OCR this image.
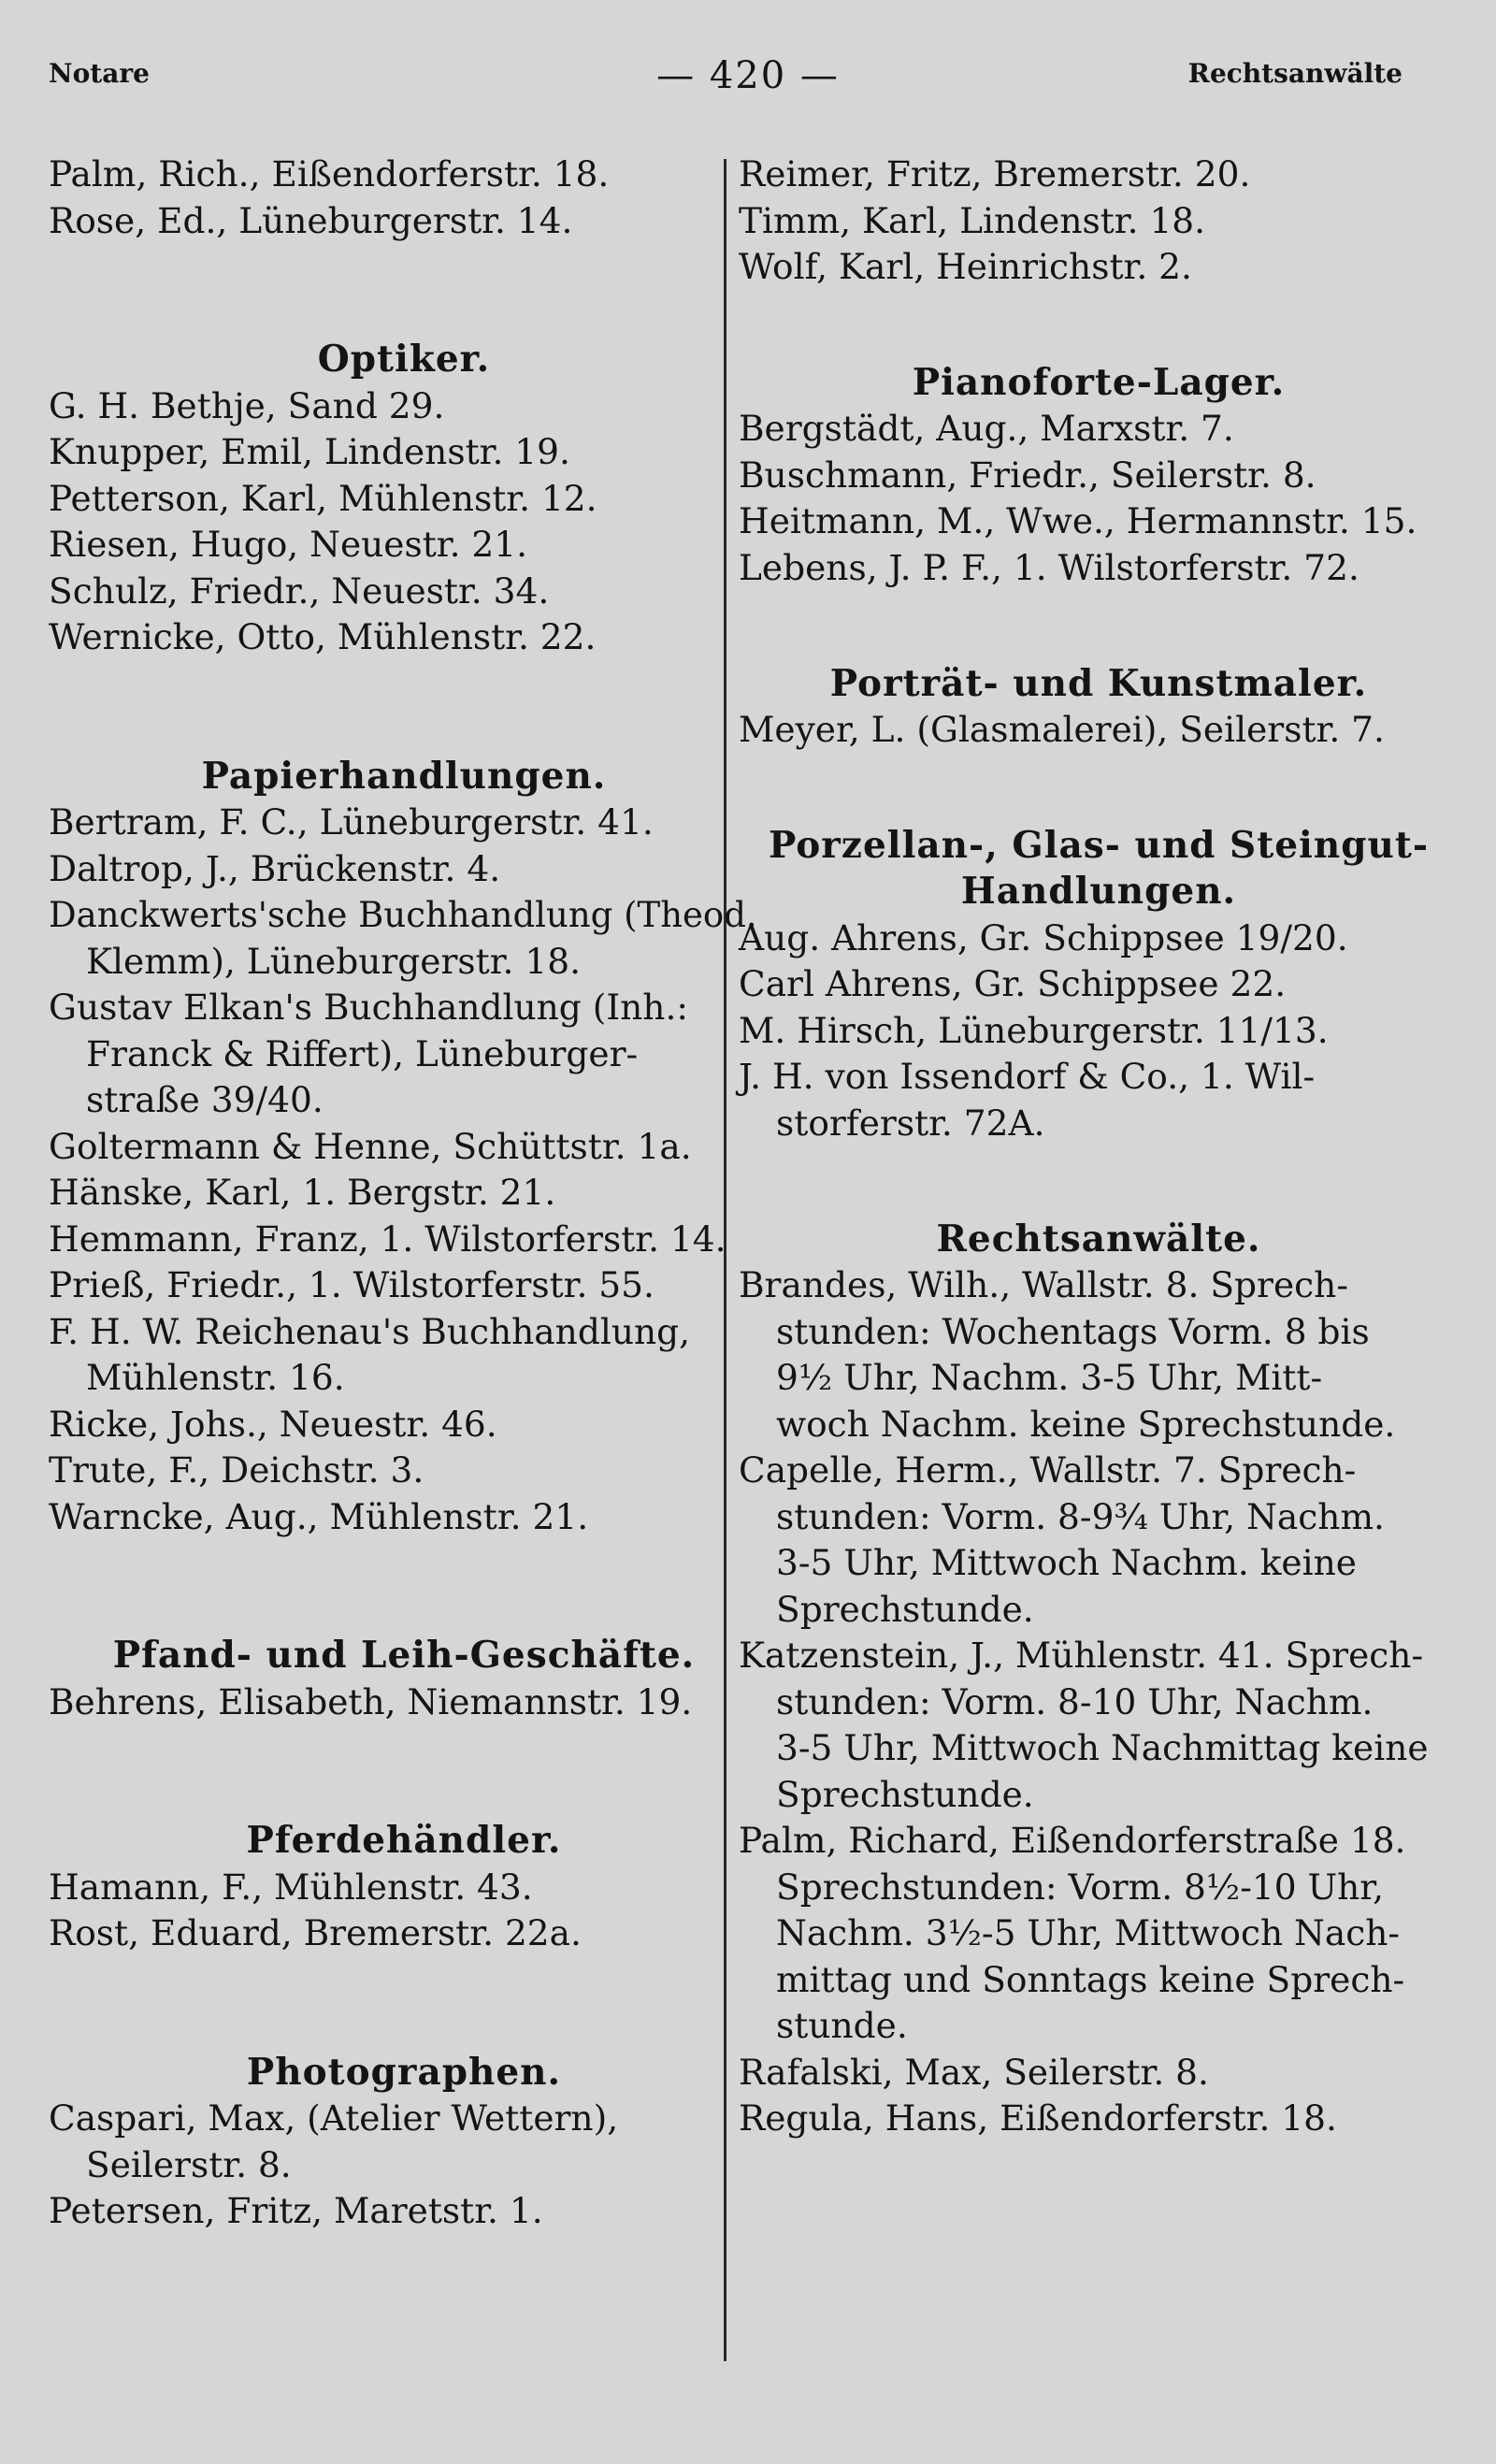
Notare	— 420 —	Rechtsanwälte
Palm, Rich., Eißendorferstr. 18.
Rose, Ed., Lüneburgerstr. 14.
Optiker.
G. H. Bethje, Sand 29.
Knupper, Emil, Lindenstr. 19.
Petterson, Karl, Mühlenstr. 12.
Riesen, Hugo, Neuestr. 21.
Schulz, Friedr., Neuestr. 34.
Wernicke, Otto, Mühlenstr. 22.
Papierhandlungen.
Bertram, F. C., Lüneburgerstr. 41.
Daltrop, J., Brückenstr. 4.
Danckwerts'sche Buchhandlung (Theod.
Klemm), Lüneburgerstr. 18.
Gustav Elkan's Buchhandlung (Inh.:
Franck & Riffert), Lüneburger-
straße 39/40.
Goltermann & Henne, Schüttstr. 1a.
Hänske, Karl, 1. Bergstr. 21.
Hemmann, Franz, 1. Wilstorferstr. 14.
Prieß, Friedr., 1. Wilstorferstr. 55.
F. H. W. Reichenau's Buchhandlung,
Mühlenstr. 16.
Ricke, Johs., Neuestr. 46.
Trute, F., Deichstr. 3.
Warncke, Aug., Mühlenstr. 21.
Pfand- und Leih-Geschäfte.
Behrens, Elisabeth, Niemannstr. 19.
Pferdehändler.
Hamann, F., Mühlenstr. 43.
Rost, Eduard, Bremerstr. 22a.
Photographen.
Caspari, Max, (Atelier Wettern),
Seilerstr. 8.
Petersen, Fritz, Maretstr. 1.
Reimer, Fritz, Bremerstr. 20.
Timm, Karl, Lindenstr. 18.
Wolf, Karl, Heinrichstr. 2.
Pianoforte-Lager.
Bergstädt, Aug., Marxstr. 7.
Buschmann, Friedr., Seilerstr. 8.
Heitmann, M., Wwe., Hermannstr. 15.
Lebens, J. P. F., 1. Wilstorferstr. 72.
Porträt- und Kunstmaler.
Meyer, L. (Glasmalerei), Seilerstr. 7.
Porzellan-, Glas- und Steingut-
Handlungen.
Aug. Ahrens, Gr. Schippsee 19/20.
Carl Ahrens, Gr. Schippsee 22.
M. Hirsch, Lüneburgerstr. 11/13.
J. H. von Issendorf & Co., 1. Wil-
storferstr. 72A.
Rechtsanwälte.
Brandes, Wilh., Wallstr. 8. Sprech-
stunden: Wochentags Vorm. 8 bis
9½ Uhr, Nachm. 3-5 Uhr, Mitt-
woch Nachm. keine Sprechstunde.
Capelle, Herm., Wallstr. 7. Sprech-
stunden: Vorm. 8-9¾ Uhr, Nachm.
3-5 Uhr, Mittwoch Nachm. keine
Sprechstunde.
Katzenstein, J., Mühlenstr. 41. Sprech-
stunden: Vorm. 8-10 Uhr, Nachm.
3-5 Uhr, Mittwoch Nachmittag keine
Sprechstunde.
Palm, Richard, Eißendorferstraße 18.
Sprechstunden: Vorm. 8½-10 Uhr,
Nachm. 3½-5 Uhr, Mittwoch Nach-
mittag und Sonntags keine Sprech-
stunde.
Rafalski, Max, Seilerstr. 8.
Regula, Hans, Eißendorferstr. 18.
